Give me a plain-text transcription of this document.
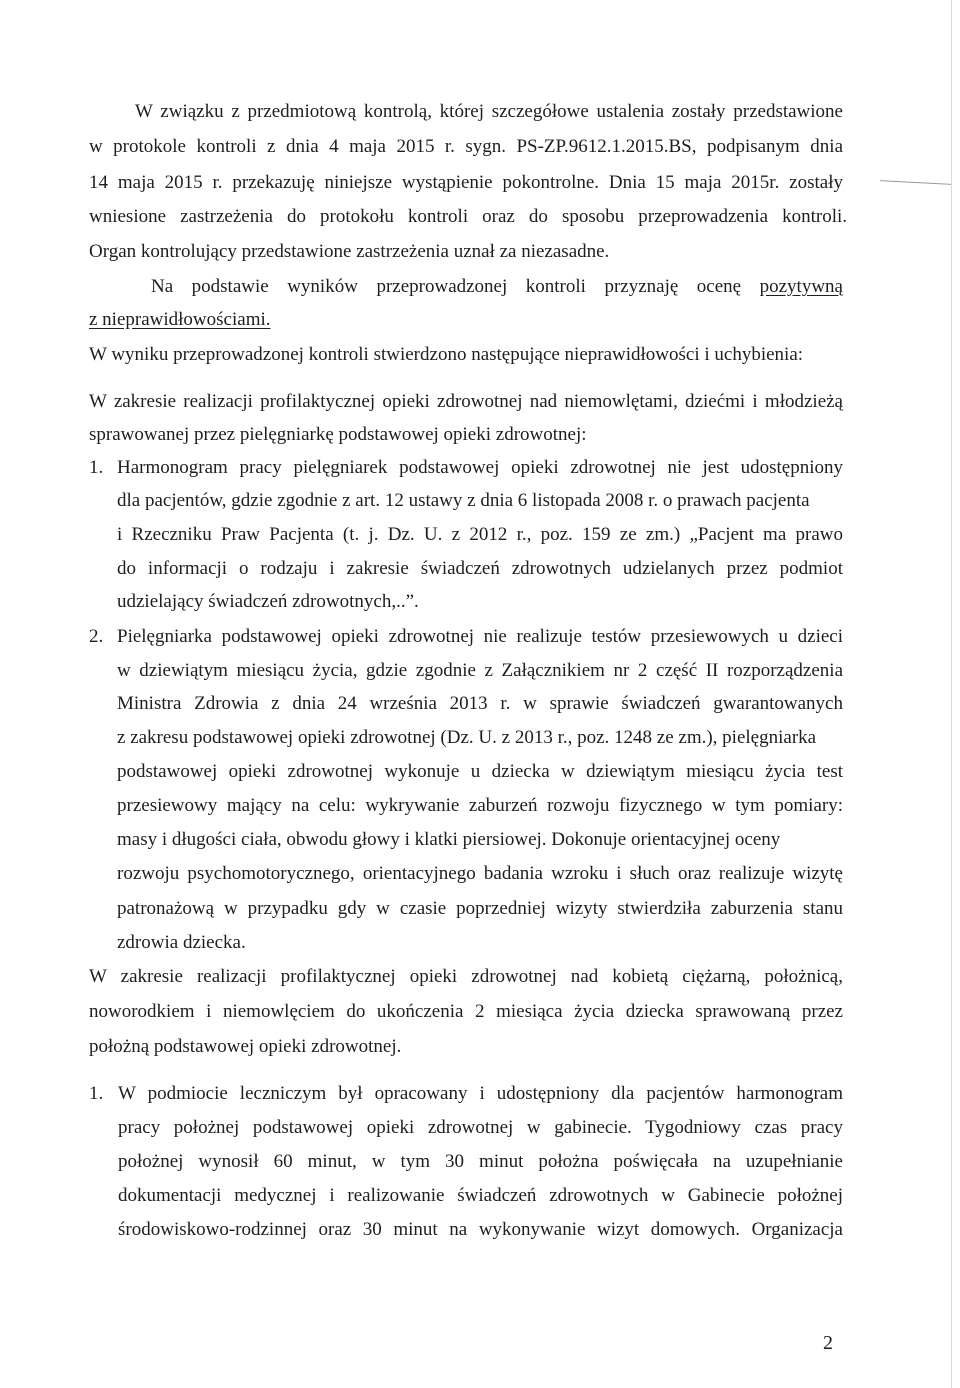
W związku z przedmiotową kontrolą, której szczegółowe ustalenia zostały przedstawione
w protokole kontroli z dnia 4 maja 2015 r. sygn. PS-ZP.9612.1.2015.BS, podpisanym dnia
14 maja 2015 r. przekazuję niniejsze wystąpienie pokontrolne. Dnia 15 maja 2015r. zostały
wniesione zastrzeżenia do protokołu kontroli oraz do sposobu przeprowadzenia kontroli.
Organ kontrolujący przedstawione zastrzeżenia uznał za niezasadne.
Na podstawie wyników przeprowadzonej kontroli przyznaję ocenę pozytywną
z nieprawidłowościami.
W wyniku przeprowadzonej kontroli stwierdzono następujące nieprawidłowości i uchybienia:
W zakresie realizacji profilaktycznej opieki zdrowotnej nad niemowlętami, dziećmi i młodzieżą
sprawowanej przez pielęgniarkę podstawowej opieki zdrowotnej:
1. Harmonogram pracy pielęgniarek podstawowej opieki zdrowotnej nie jest udostępniony
dla pacjentów, gdzie zgodnie z art. 12 ustawy z dnia 6 listopada 2008 r. o prawach pacjenta
i Rzeczniku Praw Pacjenta (t. j. Dz. U. z 2012 r., poz. 159 ze zm.) „Pacjent ma prawo
do informacji o rodzaju i zakresie świadczeń zdrowotnych udzielanych przez podmiot
udzielający świadczeń zdrowotnych,..”.
2. Pielęgniarka podstawowej opieki zdrowotnej nie realizuje testów przesiewowych u dzieci
w dziewiątym miesiącu życia, gdzie zgodnie z Załącznikiem nr 2 część II rozporządzenia
Ministra Zdrowia z dnia 24 września 2013 r. w sprawie świadczeń gwarantowanych
z zakresu podstawowej opieki zdrowotnej (Dz. U. z 2013 r., poz. 1248 ze zm.), pielęgniarka
podstawowej opieki zdrowotnej wykonuje u dziecka w dziewiątym miesiącu życia test
przesiewowy mający na celu: wykrywanie zaburzeń rozwoju fizycznego w tym pomiary:
masy i długości ciała, obwodu głowy i klatki piersiowej. Dokonuje orientacyjnej oceny
rozwoju psychomotorycznego, orientacyjnego badania wzroku i słuch oraz realizuje wizytę
patronażową w przypadku gdy w czasie poprzedniej wizyty stwierdziła zaburzenia stanu
zdrowia dziecka.
W zakresie realizacji profilaktycznej opieki zdrowotnej nad kobietą ciężarną, położnicą,
noworodkiem i niemowlęciem do ukończenia 2 miesiąca życia dziecka sprawowaną przez
położną podstawowej opieki zdrowotnej.
1. W podmiocie leczniczym był opracowany i udostępniony dla pacjentów harmonogram
pracy położnej podstawowej opieki zdrowotnej w gabinecie. Tygodniowy czas pracy
położnej wynosił 60 minut, w tym 30 minut położna poświęcała na uzupełnianie
dokumentacji medycznej i realizowanie świadczeń zdrowotnych w Gabinecie położnej
środowiskowo-rodzinnej oraz 30 minut na wykonywanie wizyt domowych. Organizacja
2
